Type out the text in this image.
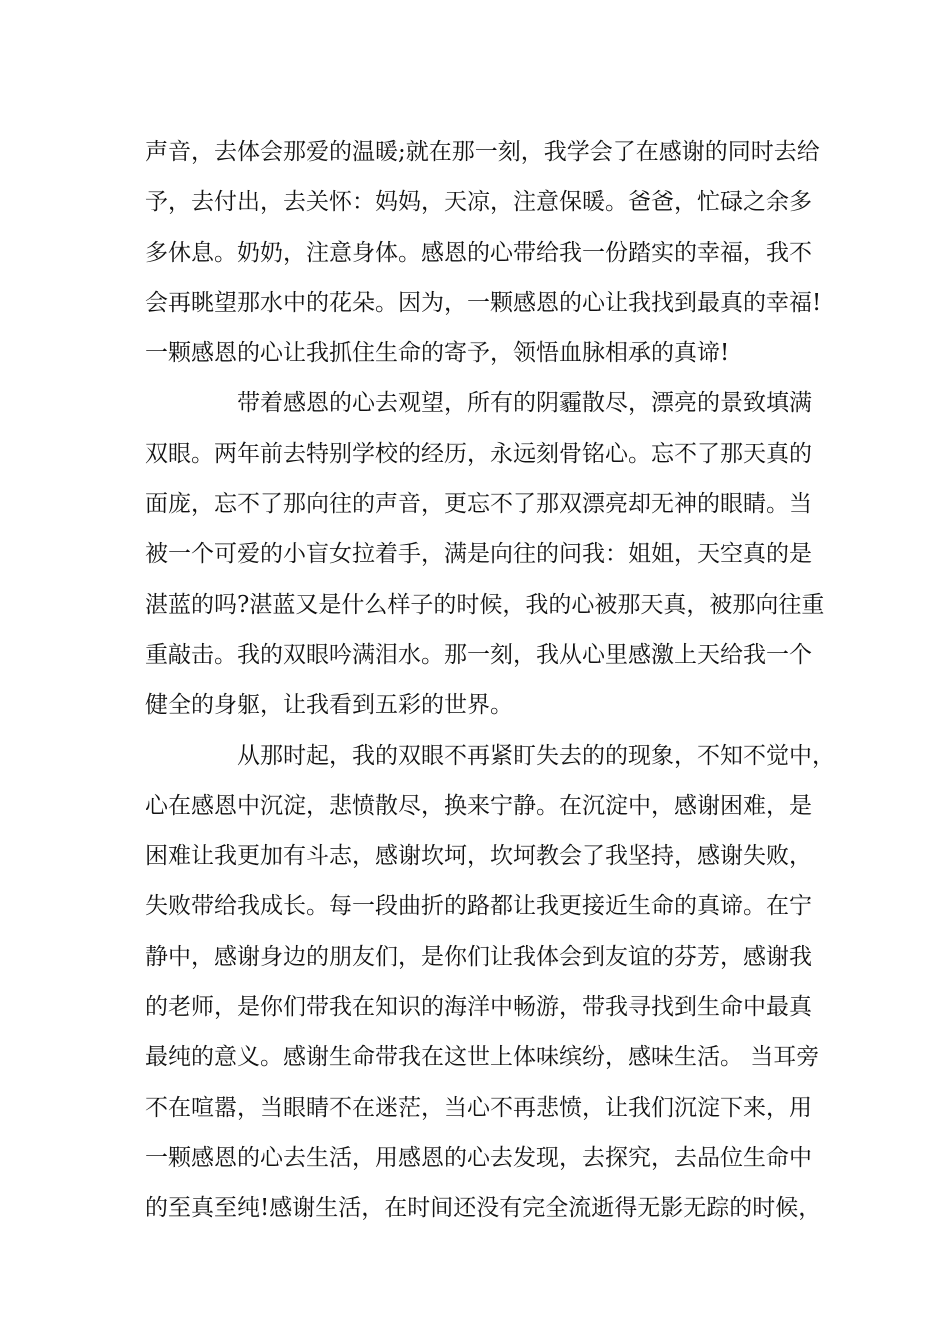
声音，去体会那爱的温暖;就在那一刻，我学会了在感谢的同时去给
予，去付出，去关怀：妈妈，天凉，注意保暖。爸爸，忙碌之余多
多休息。奶奶，注意身体。感恩的心带给我一份踏实的幸福，我不
会再眺望那水中的花朵。因为，一颗感恩的心让我找到最真的幸福!
一颗感恩的心让我抓住生命的寄予，领悟血脉相承的真谛!
带着感恩的心去观望，所有的阴霾散尽，漂亮的景致填满
双眼。两年前去特别学校的经历，永远刻骨铭心。忘不了那天真的
面庞，忘不了那向往的声音，更忘不了那双漂亮却无神的眼睛。当
被一个可爱的小盲女拉着手，满是向往的问我：姐姐，天空真的是
湛蓝的吗?湛蓝又是什么样子的时候，我的心被那天真，被那向往重
重敲击。我的双眼吟满泪水。那一刻，我从心里感激上天给我一个
健全的身躯，让我看到五彩的世界。
从那时起，我的双眼不再紧盯失去的的现象，不知不觉中，
心在感恩中沉淀，悲愤散尽，换来宁静。在沉淀中，感谢困难，是
困难让我更加有斗志，感谢坎坷，坎坷教会了我坚持，感谢失败，
失败带给我成长。每一段曲折的路都让我更接近生命的真谛。在宁
静中，感谢身边的朋友们，是你们让我体会到友谊的芬芳，感谢我
的老师，是你们带我在知识的海洋中畅游，带我寻找到生命中最真
最纯的意义。感谢生命带我在这世上体味缤纷，感味生活。 当耳旁
不在喧嚣，当眼睛不在迷茫，当心不再悲愤，让我们沉淀下来，用
一颗感恩的心去生活，用感恩的心去发现，去探究，去品位生命中
的至真至纯!感谢生活，在时间还没有完全流逝得无影无踪的时候，
